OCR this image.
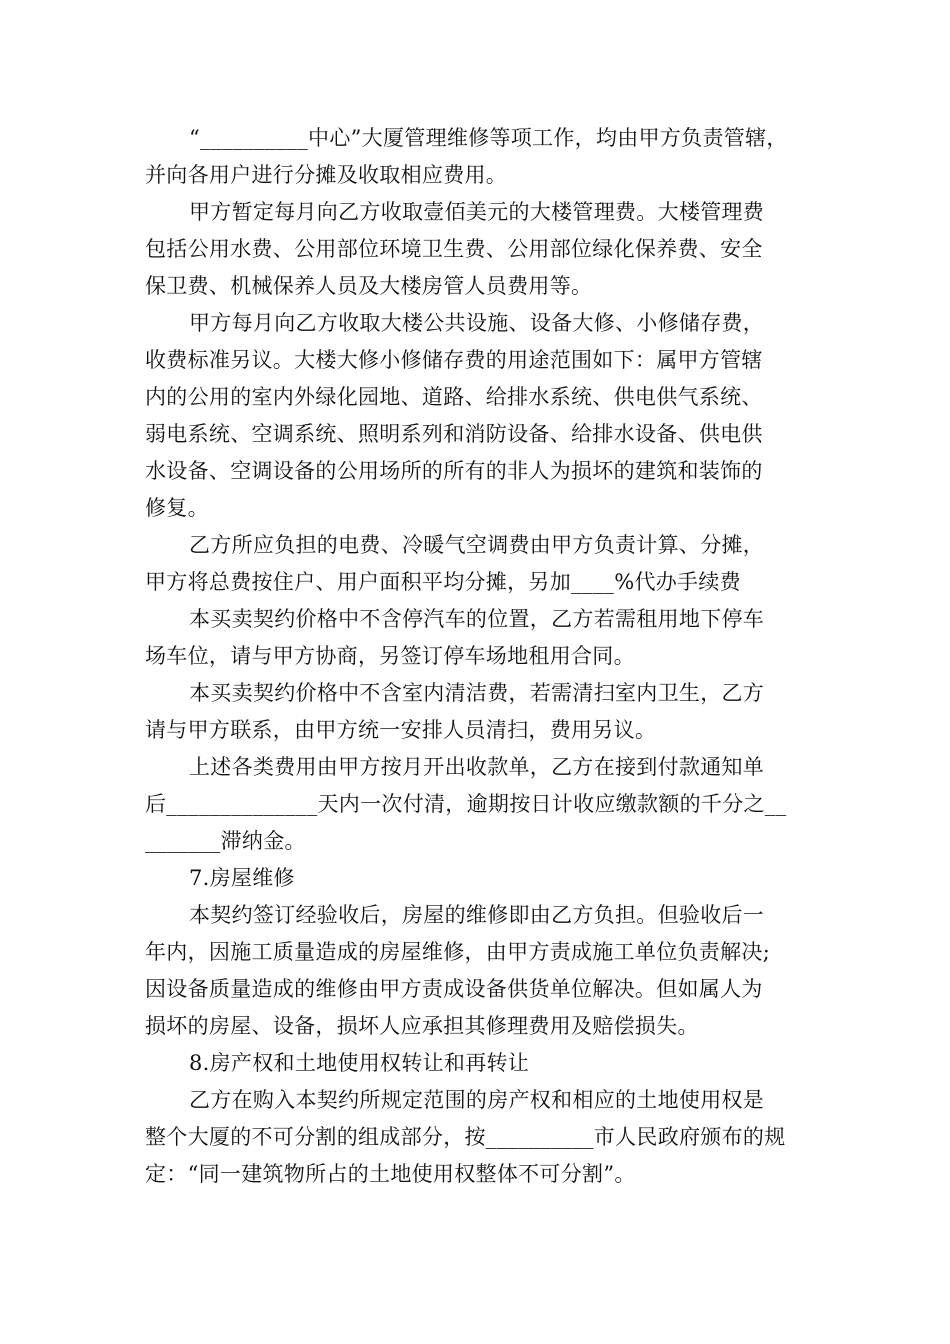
“__________中心”大厦管理维修等项工作，均由甲方负责管辖，
并向各用户进行分摊及收取相应费用。
甲方暂定每月向乙方收取壹佰美元的大楼管理费。大楼管理费
包括公用水费、公用部位环境卫生费、公用部位绿化保养费、安全
保卫费、机械保养人员及大楼房管人员费用等。
甲方每月向乙方收取大楼公共设施、设备大修、小修储存费，
收费标准另议。大楼大修小修储存费的用途范围如下：属甲方管辖
内的公用的室内外绿化园地、道路、给排水系统、供电供气系统、
弱电系统、空调系统、照明系列和消防设备、给排水设备、供电供
水设备、空调设备的公用场所的所有的非人为损坏的建筑和装饰的
修复。
乙方所应负担的电费、冷暖气空调费由甲方负责计算、分摊，
甲方将总费按住户、用户面积平均分摊，另加____%代办手续费
本买卖契约价格中不含停汽车的位置，乙方若需租用地下停车
场车位，请与甲方协商，另签订停车场地租用合同。
本买卖契约价格中不含室内清洁费，若需清扫室内卫生，乙方
请与甲方联系，由甲方统一安排人员清扫，费用另议。
上述各类费用由甲方按月开出收款单，乙方在接到付款通知单
后______________天内一次付清，逾期按日计收应缴款额的千分之__
_______滞纳金。
7.房屋维修
本契约签订经验收后，房屋的维修即由乙方负担。但验收后一
年内，因施工质量造成的房屋维修，由甲方责成施工单位负责解决;
因设备质量造成的维修由甲方责成设备供货单位解决。但如属人为
损坏的房屋、设备，损坏人应承担其修理费用及赔偿损失。
8.房产权和土地使用权转让和再转让
乙方在购入本契约所规定范围的房产权和相应的土地使用权是
整个大厦的不可分割的组成部分，按__________市人民政府颁布的规
定：“同一建筑物所占的土地使用权整体不可分割”。
